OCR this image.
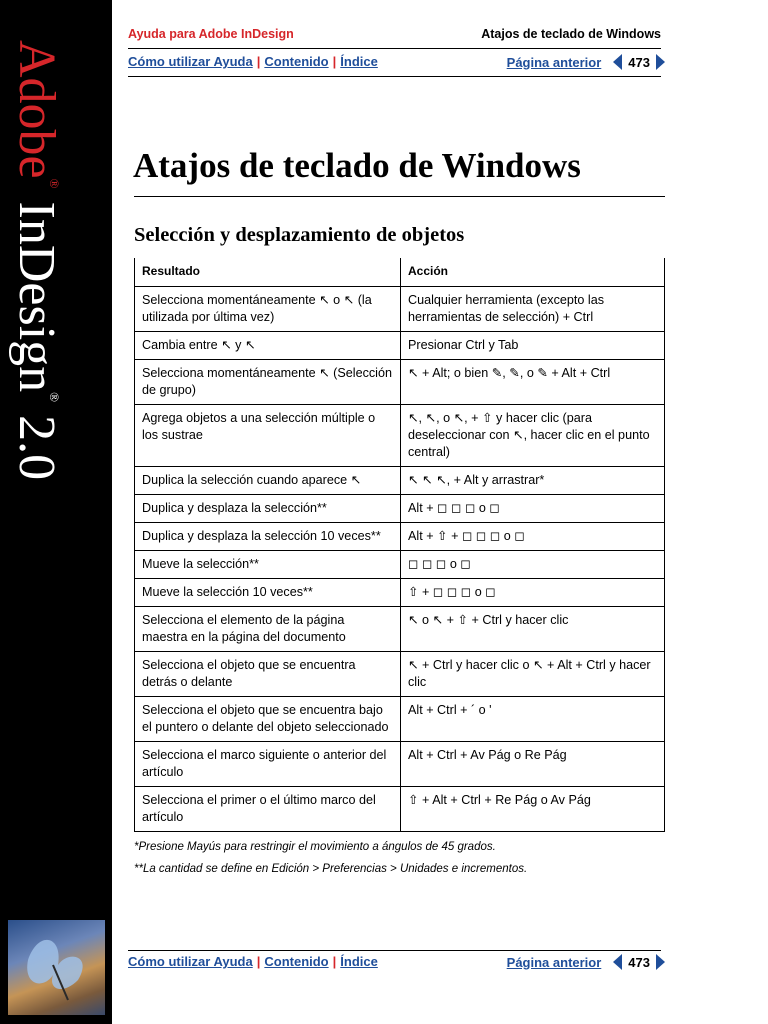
Adobe® InDesign® 2.0
Ayuda para Adobe InDesign	Atajos de teclado de Windows
Cómo utilizar Ayuda | Contenido | Índice	Página anterior 473
Atajos de teclado de Windows
Selección y desplazamiento de objetos
Resultado	Acción
Selecciona momentáneamente ↖ o ↖ (la utilizada por última vez)	Cualquier herramienta (excepto las herramientas de selección) + Ctrl
Cambia entre ↖ y ↖	Presionar Ctrl y Tab
Selecciona momentáneamente ↖ (Selección de grupo)	↖ + Alt; o bien ✎, ✎, o ✎ + Alt + Ctrl
Agrega objetos a una selección múltiple o los sustrae	↖, ↖, o ↖, + ⇧ y hacer clic (para deseleccionar con ↖, hacer clic en el punto central)
Duplica la selección cuando aparece ↖	↖ ↖ ↖, + Alt y arrastrar*
Duplica y desplaza la selección**	Alt + ◻ ◻ ◻ o ◻
Duplica y desplaza la selección 10 veces**	Alt + ⇧ + ◻ ◻ ◻ o ◻
Mueve la selección**	◻ ◻ ◻ o ◻
Mueve la selección 10 veces**	⇧ + ◻ ◻ ◻ o ◻
Selecciona el elemento de la página maestra en la página del documento	↖ o ↖ + ⇧ + Ctrl y hacer clic
Selecciona el objeto que se encuentra detrás o delante	↖ + Ctrl y hacer clic o ↖ + Alt + Ctrl y hacer clic
Selecciona el objeto que se encuentra bajo el puntero o delante del objeto seleccionado	Alt + Ctrl + ´ o '
Selecciona el marco siguiente o anterior del artículo	Alt + Ctrl + Av Pág o Re Pág
Selecciona el primer o el último marco del artículo	⇧ + Alt + Ctrl + Re Pág o Av Pág
*Presione Mayús para restringir el movimiento a ángulos de 45 grados.
**La cantidad se define en Edición > Preferencias > Unidades e incrementos.
Cómo utilizar Ayuda | Contenido | Índice	Página anterior 473
